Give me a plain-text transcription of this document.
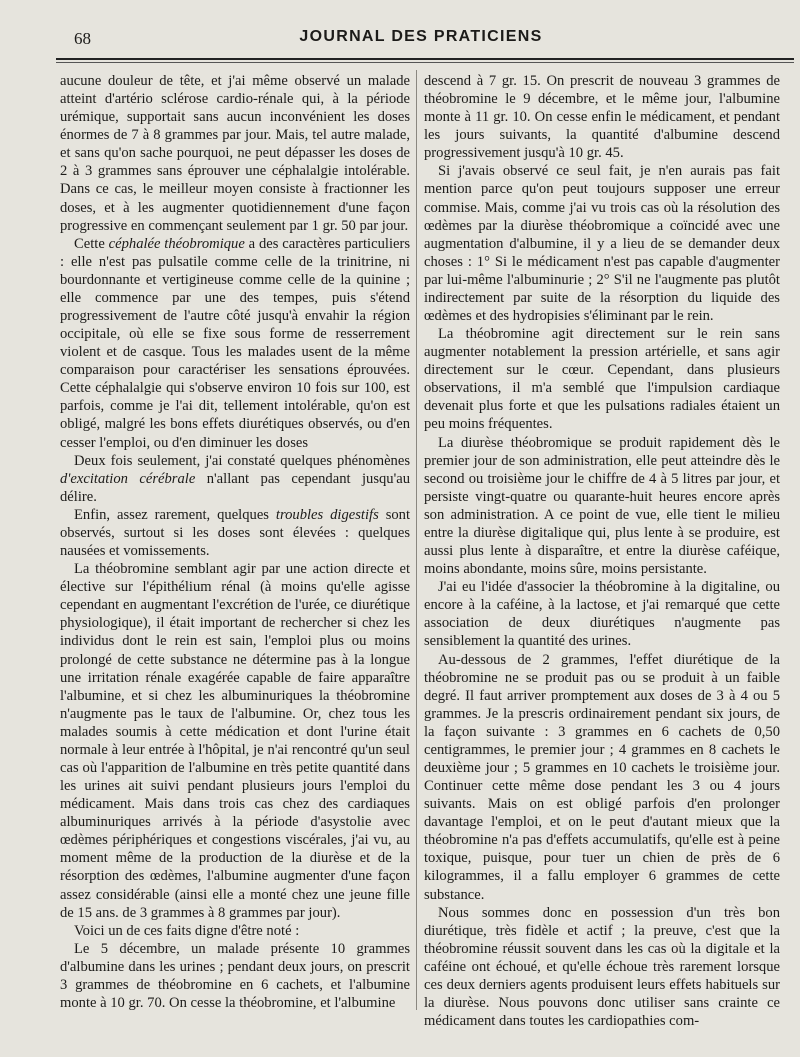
68	JOURNAL DES PRATICIENS

aucune douleur de tête, et j'ai même observé un malade atteint d'artério sclérose cardio-rénale qui, à la période urémique, supportait sans aucun inconvénient les doses énormes de 7 à 8 grammes par jour. Mais, tel autre malade, et sans qu'on sache pourquoi, ne peut dépasser les doses de 2 à 3 grammes sans éprouver une céphalalgie intolérable. Dans ce cas, le meilleur moyen consiste à fractionner les doses, et à les augmenter quotidiennement d'une façon progressive en commençant seulement par 1 gr. 50 par jour.

Cette céphalée théobromique a des caractères particuliers : elle n'est pas pulsatile comme celle de la trinitrine, ni bourdonnante et vertigineuse comme celle de la quinine ; elle commence par une des tempes, puis s'étend progressivement de l'autre côté jusqu'à envahir la région occipitale, où elle se fixe sous forme de resserrement violent et de casque. Tous les malades usent de la même comparaison pour caractériser les sensations éprouvées. Cette céphalalgie qui s'observe environ 10 fois sur 100, est parfois, comme je l'ai dit, tellement intolérable, qu'on est obligé, malgré les bons effets diurétiques observés, ou d'en cesser l'emploi, ou d'en diminuer les doses

Deux fois seulement, j'ai constaté quelques phénomènes d'excitation cérébrale n'allant pas cependant jusqu'au délire.

Enfin, assez rarement, quelques troubles digestifs sont observés, surtout si les doses sont élevées : quelques nausées et vomissements.

La théobromine semblant agir par une action directe et élective sur l'épithélium rénal (à moins qu'elle agisse cependant en augmentant l'excrétion de l'urée, ce diurétique physiologique), il était important de rechercher si chez les individus dont le rein est sain, l'emploi plus ou moins prolongé de cette substance ne détermine pas à la longue une irritation rénale exagérée capable de faire apparaître l'albumine, et si chez les albuminuriques la théobromine n'augmente pas le taux de l'albumine. Or, chez tous les malades soumis à cette médication et dont l'urine était normale à leur entrée à l'hôpital, je n'ai rencontré qu'un seul cas où l'apparition de l'albumine en très petite quantité dans les urines ait suivi pendant plusieurs jours l'emploi du médicament. Mais dans trois cas chez des cardiaques albuminuriques arrivés à la période d'asystolie avec œdèmes périphériques et congestions viscérales, j'ai vu, au moment même de la production de la diurèse et de la résorption des œdèmes, l'albumine augmenter d'une façon assez considérable (ainsi elle a monté chez une jeune fille de 15 ans. de 3 grammes à 8 grammes par jour).

Voici un de ces faits digne d'être noté :

Le 5 décembre, un malade présente 10 grammes d'albumine dans les urines ; pendant deux jours, on prescrit 3 grammes de théobromine en 6 cachets, et l'albumine monte à 10 gr. 70. On cesse la théobromine, et l'albumine

descend à 7 gr. 15. On prescrit de nouveau 3 grammes de théobromine le 9 décembre, et le même jour, l'albumine monte à 11 gr. 10. On cesse enfin le médicament, et pendant les jours suivants, la quantité d'albumine descend progressivement jusqu'à 10 gr. 45.

Si j'avais observé ce seul fait, je n'en aurais pas fait mention parce qu'on peut toujours supposer une erreur commise. Mais, comme j'ai vu trois cas où la résolution des œdèmes par la diurèse théobromique a coïncidé avec une augmentation d'albumine, il y a lieu de se demander deux choses : 1° Si le médicament n'est pas capable d'augmenter par lui-même l'albuminurie ; 2° S'il ne l'augmente pas plutôt indirectement par suite de la résorption du liquide des œdèmes et des hydropisies s'éliminant par le rein.

La théobromine agit directement sur le rein sans augmenter notablement la pression artérielle, et sans agir directement sur le cœur. Cependant, dans plusieurs observations, il m'a semblé que l'impulsion cardiaque devenait plus forte et que les pulsations radiales étaient un peu moins fréquentes.

La diurèse théobromique se produit rapidement dès le premier jour de son administration, elle peut atteindre dès le second ou troisième jour le chiffre de 4 à 5 litres par jour, et persiste vingt-quatre ou quarante-huit heures encore après son administration. A ce point de vue, elle tient le milieu entre la diurèse digitalique qui, plus lente à se produire, est aussi plus lente à disparaître, et entre la diurèse caféique, moins abondante, moins sûre, moins persistante.

J'ai eu l'idée d'associer la théobromine à la digitaline, ou encore à la caféine, à la lactose, et j'ai remarqué que cette association de deux diurétiques n'augmente pas sensiblement la quantité des urines.

Au-dessous de 2 grammes, l'effet diurétique de la théobromine ne se produit pas ou se produit à un faible degré. Il faut arriver promptement aux doses de 3 à 4 ou 5 grammes. Je la prescris ordinairement pendant six jours, de la façon suivante : 3 grammes en 6 cachets de 0,50 centigrammes, le premier jour ; 4 grammes en 8 cachets le deuxième jour ; 5 grammes en 10 cachets le troisième jour. Continuer cette même dose pendant les 3 ou 4 jours suivants. Mais on est obligé parfois d'en prolonger davantage l'emploi, et on le peut d'autant mieux que la théobromine n'a pas d'effets accumulatifs, qu'elle est à peine toxique, puisque, pour tuer un chien de près de 6 kilogrammes, il a fallu employer 6 grammes de cette substance.

Nous sommes donc en possession d'un très bon diurétique, très fidèle et actif ; la preuve, c'est que la théobromine réussit souvent dans les cas où la digitale et la caféine ont échoué, et qu'elle échoue très rarement lorsque ces deux derniers agents produisent leurs effets habituels sur la diurèse. Nous pouvons donc utiliser sans crainte ce médicament dans toutes les cardiopathies com-
